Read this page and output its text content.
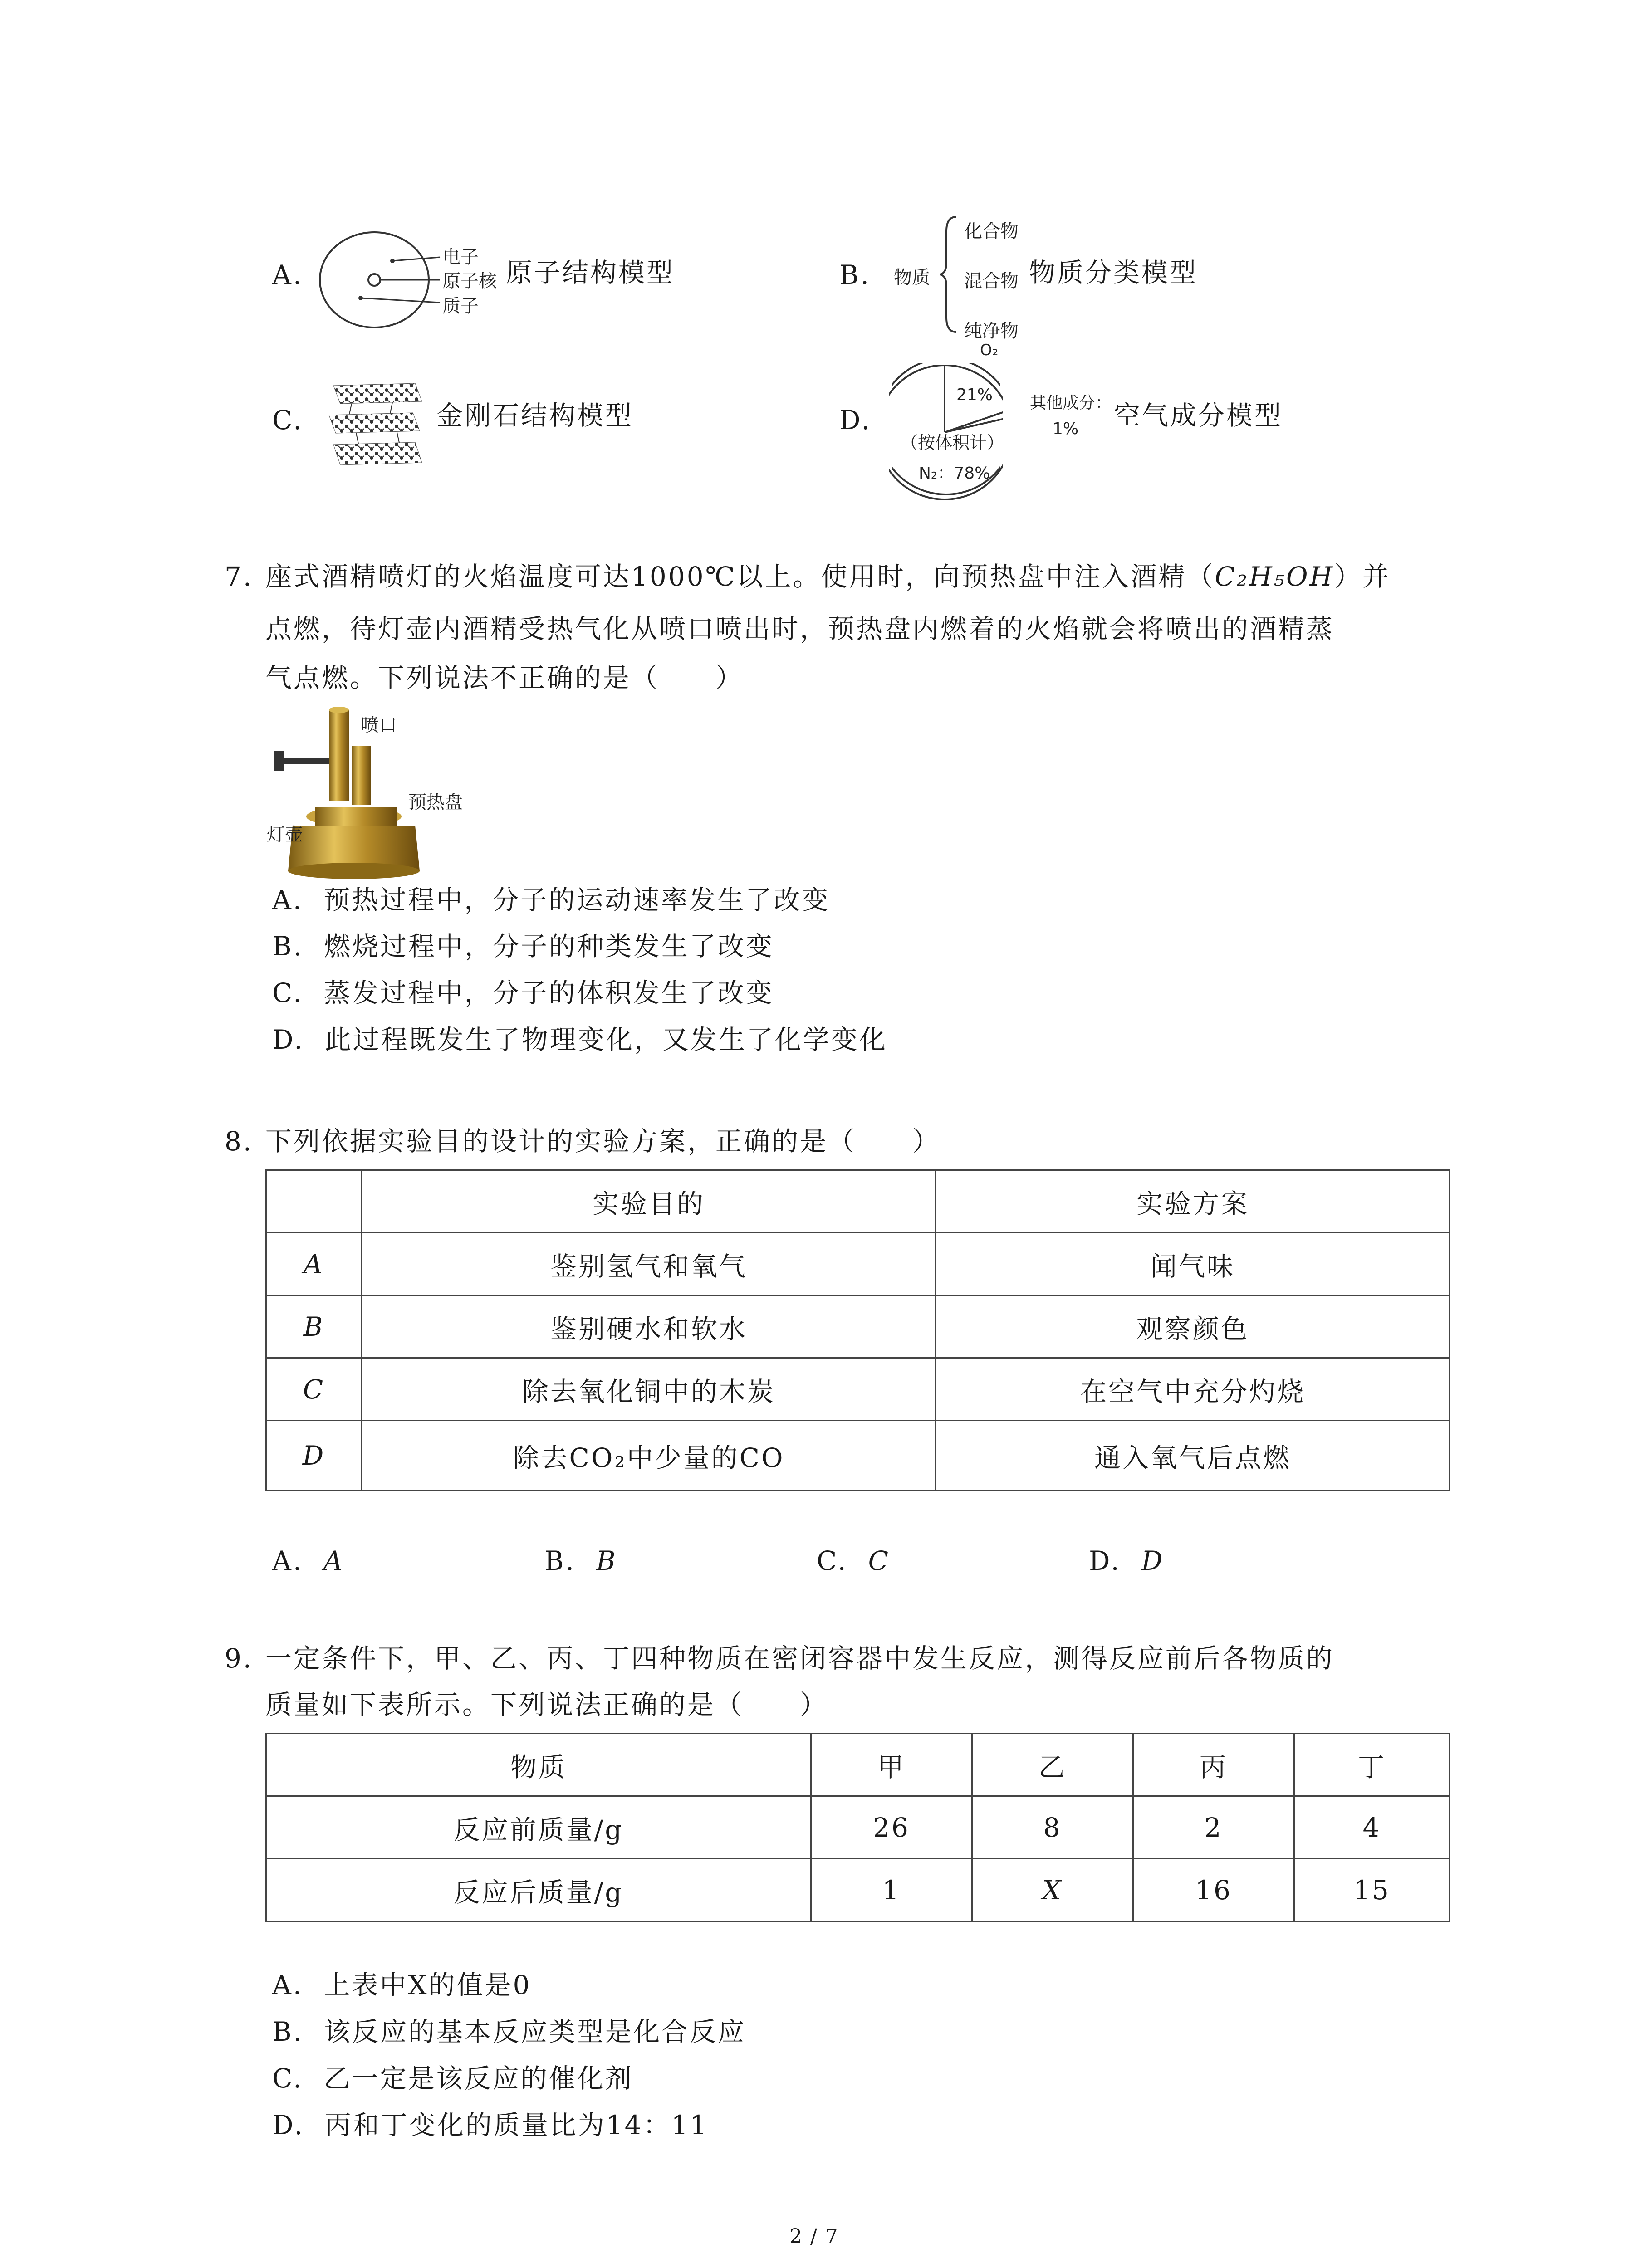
A.
电子
原子核
质子
原子结构模型	B. 物质
化合物
混合物
纯净物
物质分类模型
C.	金刚石结构模型	D.
O₂
21% 其他成分：
1%
（按体积计）
N₂：78%
空气成分模型
7. 座式酒精喷灯的火焰温度可达1000℃以上。使用时，向预热盘中注入酒精（C₂H₅OH）并
点燃，待灯壶内酒精受热气化从喷口喷出时，预热盘内燃着的火焰就会将喷出的酒精蒸
气点燃。下列说法不正确的是（　　）
喷口
预热盘
灯壶
A. 预热过程中，分子的运动速率发生了改变
B. 燃烧过程中，分子的种类发生了改变
C. 蒸发过程中，分子的体积发生了改变
D. 此过程既发生了物理变化，又发生了化学变化
8. 下列依据实验目的设计的实验方案，正确的是（　　）
	实验目的	实验方案
A	鉴别氢气和氧气	闻气味
B	鉴别硬水和软水	观察颜色
C	除去氧化铜中的木炭	在空气中充分灼烧
D	除去CO₂中少量的CO	通入氧气后点燃
A. A	B. B	C. C	D. D
9. 一定条件下，甲、乙、丙、丁四种物质在密闭容器中发生反应，测得反应前后各物质的
质量如下表所示。下列说法正确的是（　　）
物质	甲	乙	丙	丁
反应前质量/g	26	8	2	4
反应后质量/g	1	X	16	15
A. 上表中X的值是0
B. 该反应的基本反应类型是化合反应
C. 乙一定是该反应的催化剂
D. 丙和丁变化的质量比为14：11
2 / 7
